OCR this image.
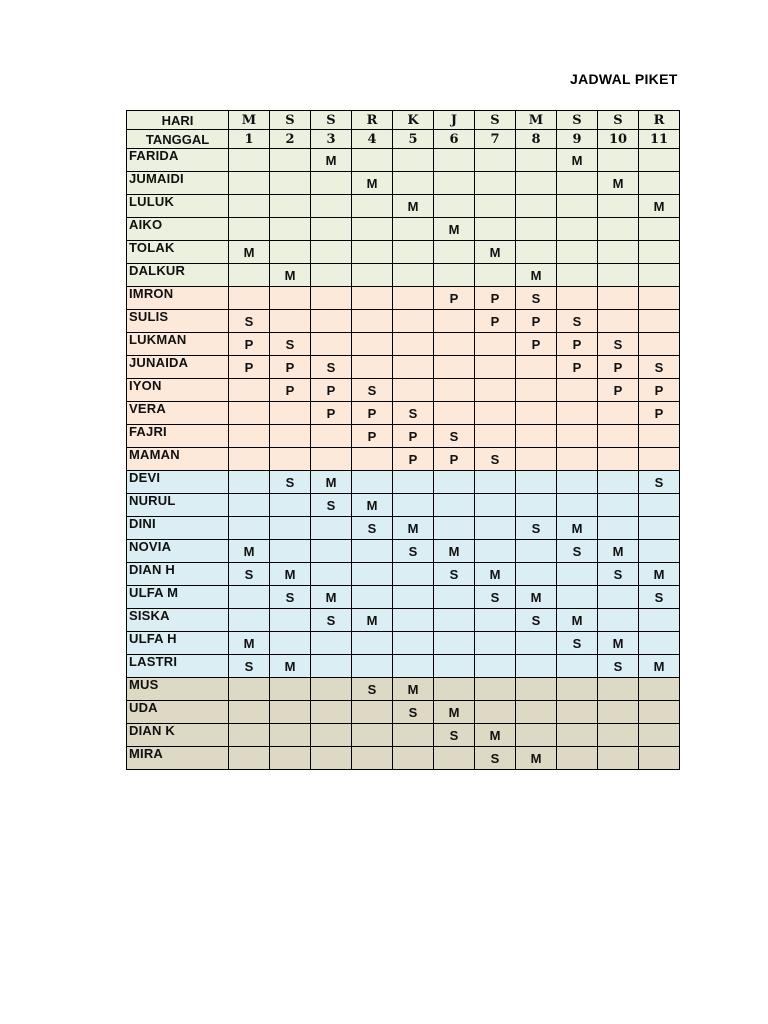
JADWAL PIKET
HARI	M	S	S	R	K	J	S	M	S	S	R
TANGGAL	1	2	3	4	5	6	7	8	9	10	11
FARIDA			M						M		
JUMAIDI				M						M	
LULUK					M						M
AIKO						M					
TOLAK	M						M				
DALKUR		M						M			
IMRON						P	P	S			
SULIS	S						P	P	S		
LUKMAN	P	S						P	P	S	
JUNAIDA	P	P	S						P	P	S
IYON		P	P	S						P	P
VERA			P	P	S						P
FAJRI				P	P	S					
MAMAN					P	P	S				
DEVI		S	M								S
NURUL			S	M							
DINI				S	M			S	M		
NOVIA	M				S	M			S	M	
DIAN H	S	M				S	M			S	M
ULFA M		S	M				S	M			S
SISKA			S	M				S	M		
ULFA H	M								S	M	
LASTRI	S	M								S	M
MUS				S	M						
UDA					S	M					
DIAN K						S	M				
MIRA							S	M			
